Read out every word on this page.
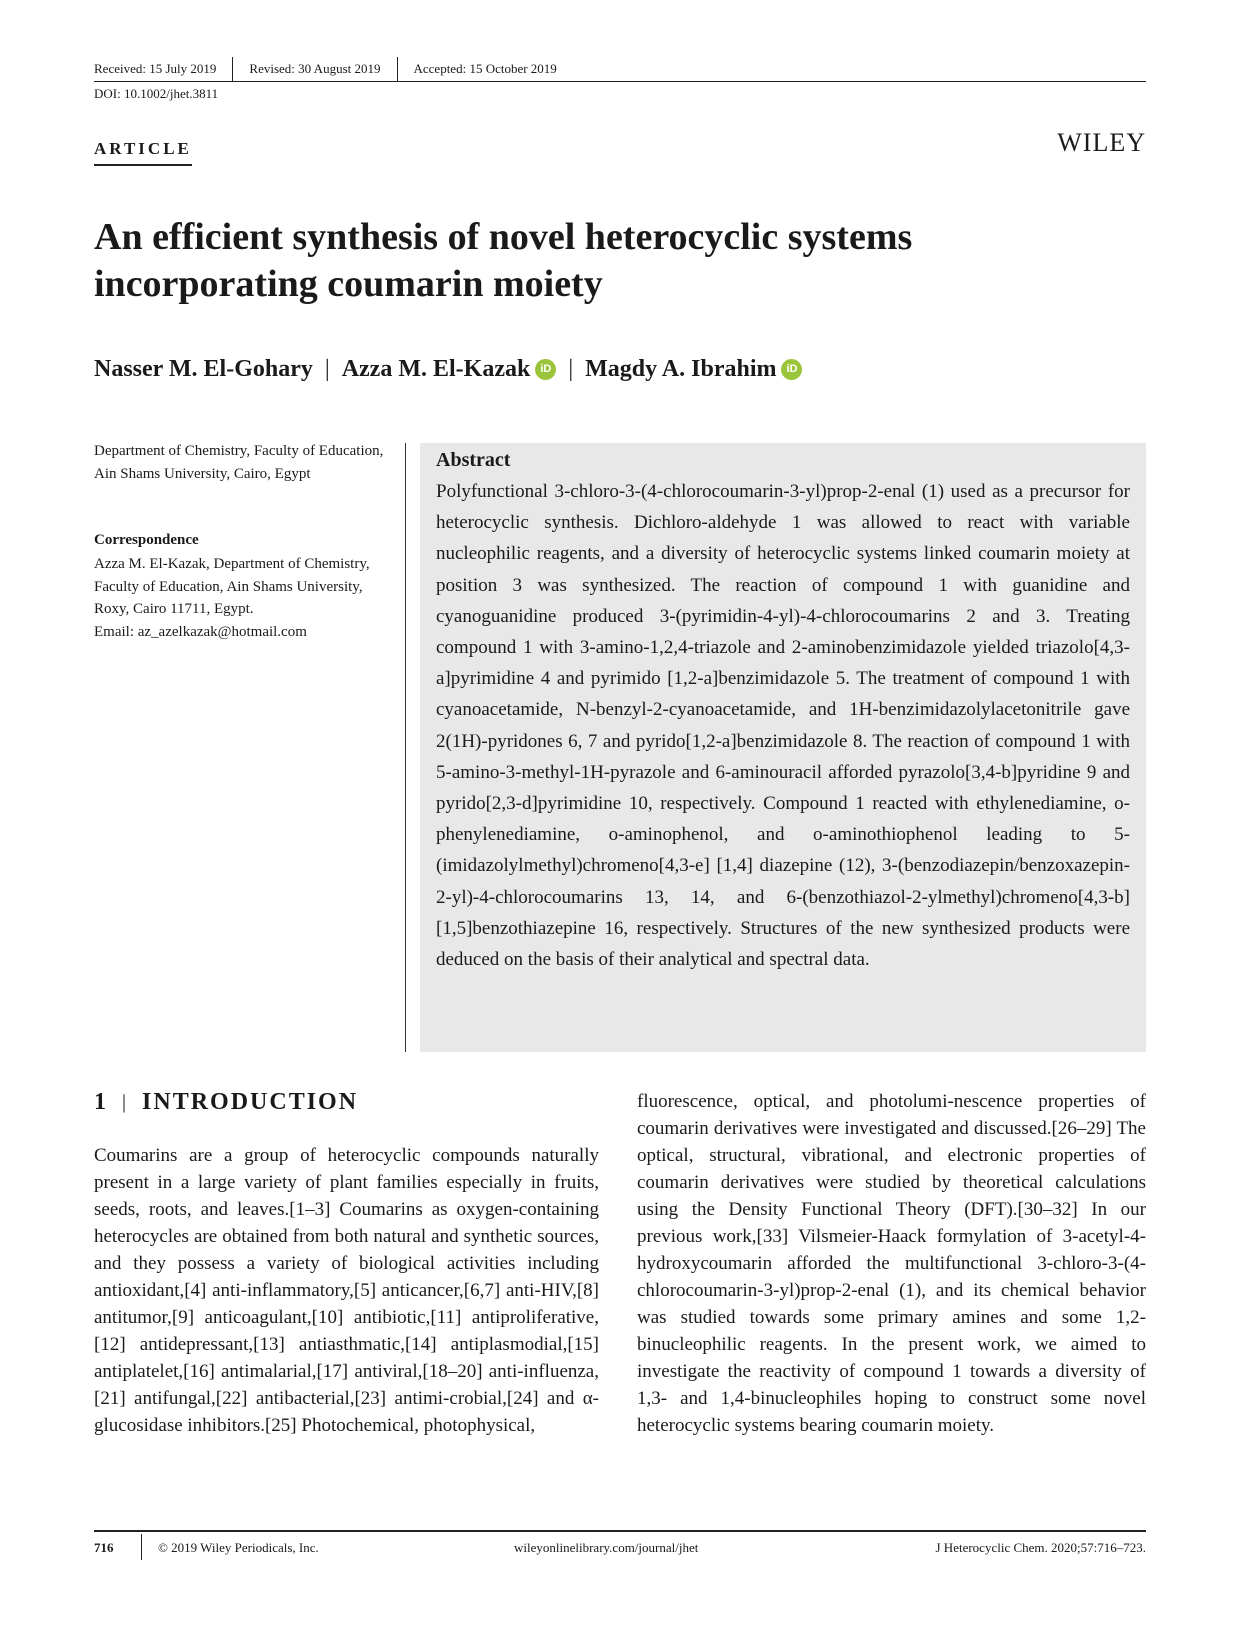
Received: 15 July 2019	Revised: 30 August 2019	Accepted: 15 October 2019
DOI: 10.1002/jhet.3811
ARTICLE	WILEY
An efficient synthesis of novel heterocyclic systems incorporating coumarin moiety
Nasser M. El-Gohary | Azza M. El-Kazak iD | Magdy A. Ibrahim iD
Department of Chemistry, Faculty of Education, Ain Shams University, Cairo, Egypt
Correspondence
Azza M. El-Kazak, Department of Chemistry, Faculty of Education, Ain Shams University, Roxy, Cairo 11711, Egypt.
Email: az_azelkazak@hotmail.com
Abstract
Polyfunctional 3-chloro-3-(4-chlorocoumarin-3-yl)prop-2-enal (1) used as a precursor for heterocyclic synthesis. Dichloro-aldehyde 1 was allowed to react with variable nucleophilic reagents, and a diversity of heterocyclic systems linked coumarin moiety at position 3 was synthesized. The reaction of compound 1 with guanidine and cyanoguanidine produced 3-(pyrimidin-4-yl)-4-chlorocoumarins 2 and 3. Treating compound 1 with 3-amino-1,2,4-triazole and 2-aminobenzimidazole yielded triazolo[4,3-a]pyrimidine 4 and pyrimido [1,2-a]benzimidazole 5. The treatment of compound 1 with cyanoacetamide, N-benzyl-2-cyanoacetamide, and 1H-benzimidazolylacetonitrile gave 2(1H)-pyridones 6, 7 and pyrido[1,2-a]benzimidazole 8. The reaction of compound 1 with 5-amino-3-methyl-1H-pyrazole and 6-aminouracil afforded pyrazolo[3,4-b]pyridine 9 and pyrido[2,3-d]pyrimidine 10, respectively. Compound 1 reacted with ethylenediamine, o-phenylenediamine, o-aminophenol, and o-aminothiophenol leading to 5-(imidazolylmethyl)chromeno[4,3-e] [1,4] diazepine (12), 3-(benzodiazepin/benzoxazepin-2-yl)-4-chlorocoumarins 13, 14, and 6-(benzothiazol-2-ylmethyl)chromeno[4,3-b][1,5]benzothiazepine 16, respectively. Structures of the new synthesized products were deduced on the basis of their analytical and spectral data.
1 | INTRODUCTION
Coumarins are a group of heterocyclic compounds naturally present in a large variety of plant families especially in fruits, seeds, roots, and leaves.[1–3] Coumarins as oxygen-containing heterocycles are obtained from both natural and synthetic sources, and they possess a variety of biological activities including antioxidant,[4] anti-inflammatory,[5] anticancer,[6,7] anti-HIV,[8] antitumor,[9] anticoagulant,[10] antibiotic,[11] antiproliferative,[12] antidepressant,[13] antiasthmatic,[14] antiplasmodial,[15] antiplatelet,[16] antimalarial,[17] antiviral,[18–20] anti-influenza,[21] antifungal,[22] antibacterial,[23] antimi-crobial,[24] and α-glucosidase inhibitors.[25] Photochemical, photophysical,
fluorescence, optical, and photolumi-nescence properties of coumarin derivatives were investigated and discussed.[26–29] The optical, structural, vibrational, and electronic properties of coumarin derivatives were studied by theoretical calculations using the Density Functional Theory (DFT).[30–32] In our previous work,[33] Vilsmeier-Haack formylation of 3-acetyl-4-hydroxycoumarin afforded the multifunctional 3-chloro-3-(4-chlorocoumarin-3-yl)prop-2-enal (1), and its chemical behavior was studied towards some primary amines and some 1,2-binucleophilic reagents. In the present work, we aimed to investigate the reactivity of compound 1 towards a diversity of 1,3- and 1,4-binucleophiles hoping to construct some novel heterocyclic systems bearing coumarin moiety.
716	© 2019 Wiley Periodicals, Inc.	wileyonlinelibrary.com/journal/jhet	J Heterocyclic Chem. 2020;57:716–723.
